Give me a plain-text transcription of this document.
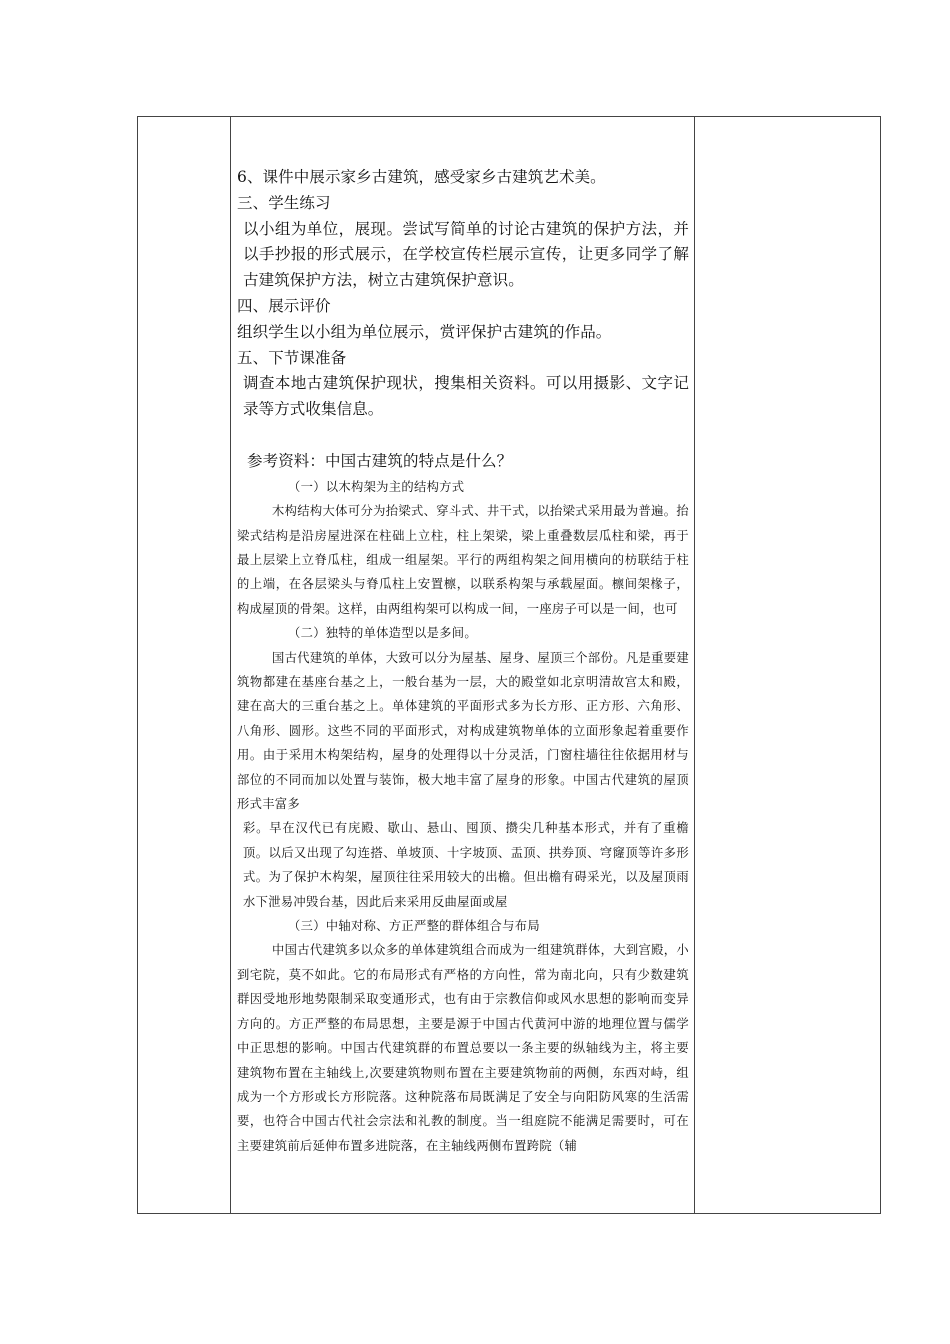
6、课件中展示家乡古建筑，感受家乡古建筑艺术美。

三、学生练习

以小组为单位，展现。尝试写简单的讨论古建筑的保护方法，并以手抄报的形式展示，在学校宣传栏展示宣传，让更多同学了解古建筑保护方法，树立古建筑保护意识。

四、展示评价

组织学生以小组为单位展示，赏评保护古建筑的作品。

五、下节课准备

调查本地古建筑保护现状，搜集相关资料。可以用摄影、文字记录等方式收集信息。

参考资料：中国古建筑的特点是什么？

（一）以木构架为主的结构方式

木构结构大体可分为抬梁式、穿斗式、井干式，以抬梁式采用最为普遍。抬梁式结构是沿房屋进深在柱础上立柱，柱上架梁，梁上重叠数层瓜柱和梁，再于最上层梁上立脊瓜柱，组成一组屋架。平行的两组构架之间用横向的枋联结于柱的上端，在各层梁头与脊瓜柱上安置檩，以联系构架与承载屋面。檩间架椽子，构成屋顶的骨架。这样，由两组构架可以构成一间，一座房子可以是一间，也可

（二）独特的单体造型以是多间。

国古代建筑的单体，大致可以分为屋基、屋身、屋顶三个部份。凡是重要建筑物都建在基座台基之上，一般台基为一层，大的殿堂如北京明清故宫太和殿，建在高大的三重台基之上。单体建筑的平面形式多为长方形、正方形、六角形、八角形、圆形。这些不同的平面形式，对构成建筑物单体的立面形象起着重要作用。由于采用木构架结构，屋身的处理得以十分灵活，门窗柱墙往往依据用材与部位的不同而加以处置与装饰，极大地丰富了屋身的形象。中国古代建筑的屋顶形式丰富多

彩。早在汉代已有庑殿、歇山、悬山、囤顶、攒尖几种基本形式，并有了重檐顶。以后又出现了勾连搭、单坡顶、十字坡顶、盂顶、拱券顶、穹窿顶等许多形式。为了保护木构架，屋顶往往采用较大的出檐。但出檐有碍采光，以及屋顶雨水下泄易冲毁台基，因此后来采用反曲屋面或屋

（三）中轴对称、方正严整的群体组合与布局

中国古代建筑多以众多的单体建筑组合而成为一组建筑群体，大到宫殿，小到宅院，莫不如此。它的布局形式有严格的方向性，常为南北向，只有少数建筑群因受地形地势限制采取变通形式，也有由于宗教信仰或风水思想的影响而变异方向的。方正严整的布局思想，主要是源于中国古代黄河中游的地理位置与儒学中正思想的影响。中国古代建筑群的布置总要以一条主要的纵轴线为主，将主要建筑物布置在主轴线上,次要建筑物则布置在主要建筑物前的两侧，东西对峙，组成为一个方形或长方形院落。这种院落布局既满足了安全与向阳防风寒的生活需要，也符合中国古代社会宗法和礼教的制度。当一组庭院不能满足需要时，可在主要建筑前后延伸布置多进院落，在主轴线两侧布置跨院（辅
